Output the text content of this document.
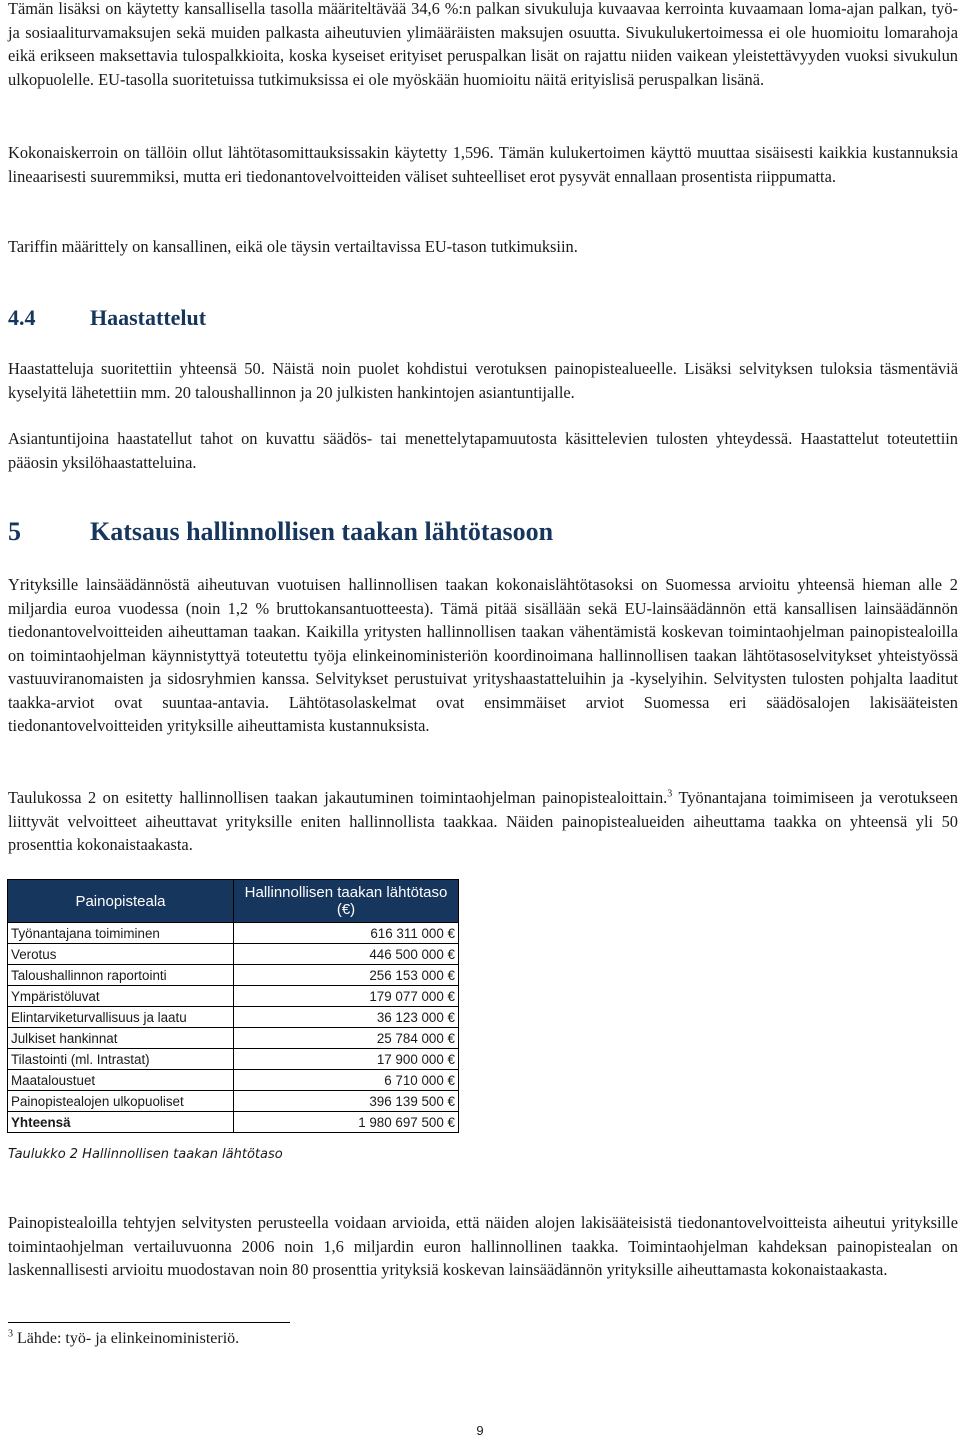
Tämän lisäksi on käytetty kansallisella tasolla määriteltävää 34,6 %:n palkan sivukuluja kuvaavaa kerrointa kuvaamaan loma-ajan palkan, työ- ja sosiaaliturvamaksujen sekä muiden palkasta aiheutuvien ylimääräisten maksujen osuutta. Sivukulukertoimessa ei ole huomioitu lomarahoja eikä erikseen maksettavia tulospalkkioita, koska kyseiset erityiset peruspalkan lisät on rajattu niiden vaikean yleistettävyyden vuoksi sivukulun ulkopuolelle. EU-tasolla suoritetuissa tutkimuksissa ei ole myöskään huomioitu näitä erityislisä peruspalkan lisänä.

Kokonaiskerroin on tällöin ollut lähtötasomittauksissakin käytetty 1,596. Tämän kulukertoimen käyttö muuttaa sisäisesti kaikkia kustannuksia lineaarisesti suuremmiksi, mutta eri tiedonantovelvoitteiden väliset suhteelliset erot pysyvät ennallaan prosentista riippumatta.

Tariffin määrittely on kansallinen, eikä ole täysin vertailtavissa EU-tason tutkimuksiin.

4.4 Haastattelut

Haastatteluja suoritettiin yhteensä 50. Näistä noin puolet kohdistui verotuksen painopistealueelle. Lisäksi selvityksen tuloksia täsmentäviä kyselyitä lähetettiin mm. 20 taloushallinnon ja 20 julkisten hankintojen asiantuntijalle.

Asiantuntijoina haastatellut tahot on kuvattu säädös- tai menettelytapamuutosta käsittelevien tulosten yhteydessä. Haastattelut toteutettiin pääosin yksilöhaastatteluina.

5	Katsaus hallinnollisen taakan lähtötasoon

Yrityksille lainsäädännöstä aiheutuvan vuotuisen hallinnollisen taakan kokonaislähtötasoksi on Suomessa arvioitu yhteensä hieman alle 2 miljardia euroa vuodessa (noin 1,2 % bruttokansantuotteesta). Tämä pitää sisällään sekä EU-lainsäädännön että kansallisen lainsäädännön tiedonantovelvoitteiden aiheuttaman taakan. Kaikilla yritysten hallinnollisen taakan vähentämistä koskevan toimintaohjelman painopistealoilla on toimintaohjelman käynnistyttyä toteutettu työja elinkeinoministeriön koordinoimana hallinnollisen taakan lähtötasoselvitykset yhteistyössä vastuuviranomaisten ja sidosryhmien kanssa. Selvitykset perustuivat yrityshaastatteluihin ja -kyselyihin. Selvitysten tulosten pohjalta laaditut taakka-arviot ovat suuntaa-antavia. Lähtötasolaskelmat ovat ensimmäiset arviot Suomessa eri säädösalojen lakisääteisten tiedonantovelvoitteiden yrityksille aiheuttamista kustannuksista.

Taulukossa 2 on esitetty hallinnollisen taakan jakautuminen toimintaohjelman painopistealoittain.$^3$ Työnantajana toimimiseen ja verotukseen liittyvät velvoitteet aiheuttavat yrityksille eniten hallinnollista taakkaa. Näiden painopistealueiden aiheuttama taakka on yhteensä yli 50 prosenttia kokonaistaakasta.

Painopisteala	Hallinnollisen taakan lähtötaso (€)
Työnantajana toimiminen	616 311 000 €
Verotus	446 500 000 €
Taloushallinnon raportointi	256 153 000 €
Ympäristöluvat	179 077 000 €
Elintarviketurvallisuus ja laatu	36 123 000 €
Julkiset hankinnat	25 784 000 €
Tilastointi (ml. Intrastat)	17 900 000 €
Maataloustuet	6 710 000 €
Painopistealojen ulkopuoliset	396 139 500 €
Yhteensä	1 980 697 500 €

Taulukko 2 Hallinnollisen taakan lähtötaso

Painopistealoilla tehtyjen selvitysten perusteella voidaan arvioida, että näiden alojen lakisääteisistä tiedonantovelvoitteista aiheutui yrityksille toimintaohjelman vertailuvuonna 2006 noin 1,6 miljardin euron hallinnollinen taakka. Toimintaohjelman kahdeksan painopistealan on laskennallisesti arvioitu muodostavan noin 80 prosenttia yrityksiä koskevan lainsäädännön yrityksille aiheuttamasta kokonaistaakasta.

$^3$ Lähde: työ- ja elinkeinoministeriö.

9
